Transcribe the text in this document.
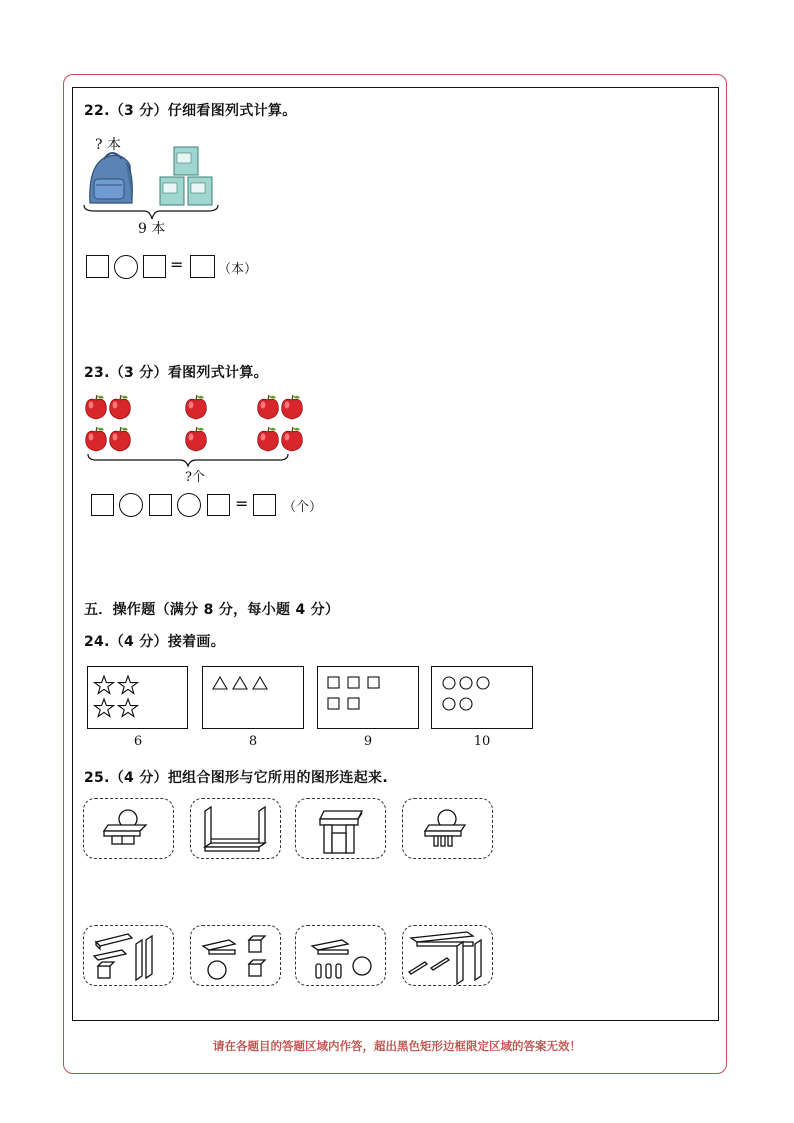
22.（3 分）仔细看图列式计算。
? 本
9 本
=	（本）
23.（3 分）看图列式计算。
?个
=	（个）
五．操作题（满分 8 分，每小题 4 分）
24.（4 分）接着画。
6	8	9	10
25.（4 分）把组合图形与它所用的图形连起来.
请在各题目的答题区域内作答，超出黑色矩形边框限定区域的答案无效！
